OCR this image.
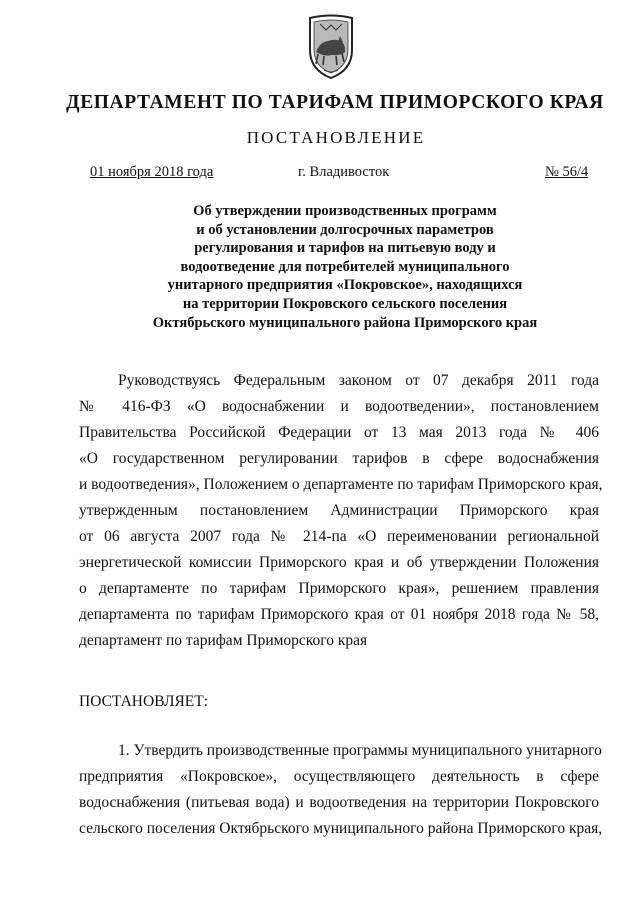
ДЕПАРТАМЕНТ ПО ТАРИФАМ ПРИМОРСКОГО КРАЯ
ПОСТАНОВЛЕНИЕ
01 ноября 2018 года	г. Владивосток	№ 56/4
Об утверждении производственных программ
и об установлении долгосрочных параметров
регулирования и тарифов на питьевую воду и
водоотведение для потребителей муниципального
унитарного предприятия «Покровское», находящихся
на территории Покровского сельского поселения
Октябрьского муниципального района Приморского края
Руководствуясь Федеральным законом от 07 декабря 2011 года
№ 416-ФЗ «О водоснабжении и водоотведении», постановлением
Правительства Российской Федерации от 13 мая 2013 года № 406
«О государственном регулировании тарифов в сфере водоснабжения
и водоотведения», Положением о департаменте по тарифам Приморского края,
утвержденным постановлением Администрации Приморского края
от 06 августа 2007 года № 214-па «О переименовании региональной
энергетической комиссии Приморского края и об утверждении Положения
о департаменте по тарифам Приморского края», решением правления
департамента по тарифам Приморского края от 01 ноября 2018 года № 58,
департамент по тарифам Приморского края
ПОСТАНОВЛЯЕТ:
1. Утвердить производственные программы муниципального унитарного
предприятия «Покровское», осуществляющего деятельность в сфере
водоснабжения (питьевая вода) и водоотведения на территории Покровского
сельского поселения Октябрьского муниципального района Приморского края,
